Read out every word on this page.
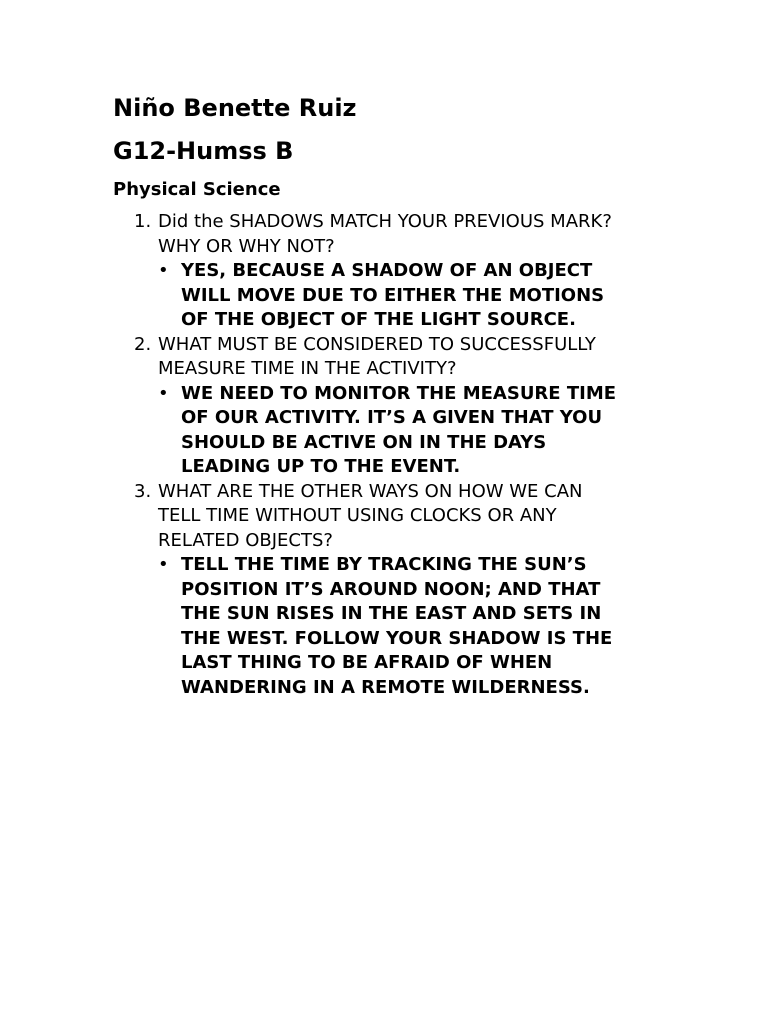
Niño Benette Ruiz
G12-Humss B
Physical Science
1. Did the SHADOWS MATCH YOUR PREVIOUS MARK?
WHY OR WHY NOT?
• YES, BECAUSE A SHADOW OF AN OBJECT
WILL MOVE DUE TO EITHER THE MOTIONS
OF THE OBJECT OF THE LIGHT SOURCE.
2. WHAT MUST BE CONSIDERED TO SUCCESSFULLY
MEASURE TIME IN THE ACTIVITY?
• WE NEED TO MONITOR THE MEASURE TIME
OF OUR ACTIVITY. IT’S A GIVEN THAT YOU
SHOULD BE ACTIVE ON IN THE DAYS
LEADING UP TO THE EVENT.
3. WHAT ARE THE OTHER WAYS ON HOW WE CAN
TELL TIME WITHOUT USING CLOCKS OR ANY
RELATED OBJECTS?
• TELL THE TIME BY TRACKING THE SUN’S
POSITION IT’S AROUND NOON; AND THAT
THE SUN RISES IN THE EAST AND SETS IN
THE WEST. FOLLOW YOUR SHADOW IS THE
LAST THING TO BE AFRAID OF WHEN
WANDERING IN A REMOTE WILDERNESS.
